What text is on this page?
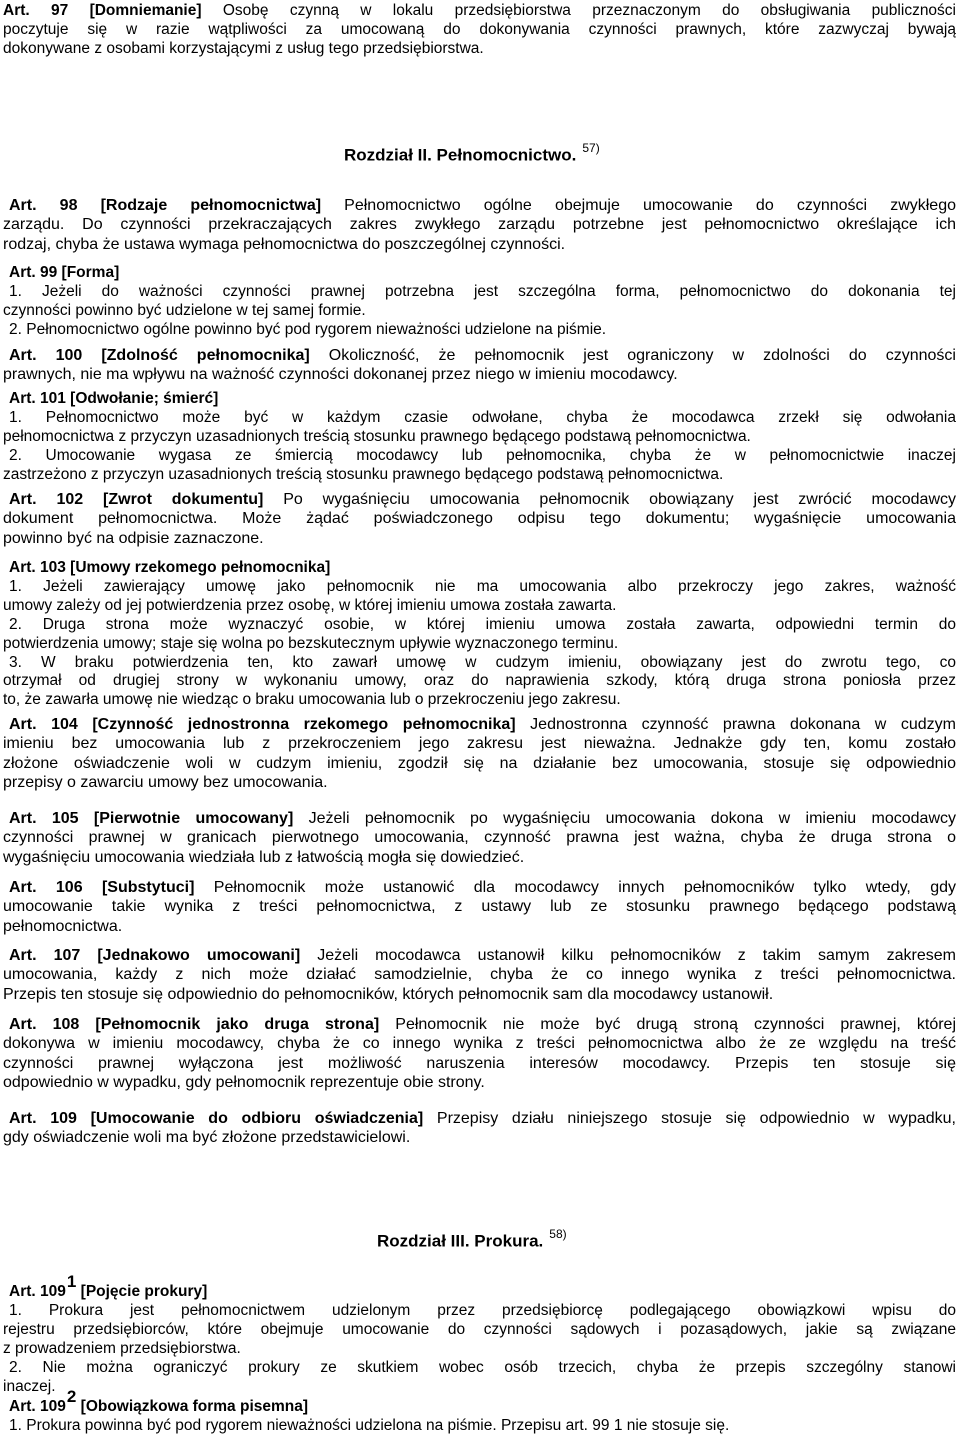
Art. 97 [Domniemanie] Osobę czynną w lokalu przedsiębiorstwa przeznaczonym do obsługiwania publiczności
poczytuje się w razie wątpliwości za umocowaną do dokonywania czynności prawnych, które zazwyczaj bywają
dokonywane z osobami korzystającymi z usług tego przedsiębiorstwa.
Rozdział II. Pełnomocnictwo. $^{57)}$
Art. 98 [Rodzaje pełnomocnictwa] Pełnomocnictwo ogólne obejmuje umocowanie do czynności zwykłego
zarządu. Do czynności przekraczających zakres zwykłego zarządu potrzebne jest pełnomocnictwo określające ich
rodzaj, chyba że ustawa wymaga pełnomocnictwa do poszczególnej czynności.
Art. 99 [Forma]
1. Jeżeli do ważności czynności prawnej potrzebna jest szczególna forma, pełnomocnictwo do dokonania tej
czynności powinno być udzielone w tej samej formie.
2. Pełnomocnictwo ogólne powinno być pod rygorem nieważności udzielone na piśmie.
Art. 100 [Zdolność pełnomocnika] Okoliczność, że pełnomocnik jest ograniczony w zdolności do czynności
prawnych, nie ma wpływu na ważność czynności dokonanej przez niego w imieniu mocodawcy.
Art. 101 [Odwołanie; śmierć]
1. Pełnomocnictwo może być w każdym czasie odwołane, chyba że mocodawca zrzekł się odwołania
pełnomocnictwa z przyczyn uzasadnionych treścią stosunku prawnego będącego podstawą pełnomocnictwa.
2. Umocowanie wygasa ze śmiercią mocodawcy lub pełnomocnika, chyba że w pełnomocnictwie inaczej
zastrzeżono z przyczyn uzasadnionych treścią stosunku prawnego będącego podstawą pełnomocnictwa.
Art. 102 [Zwrot dokumentu] Po wygaśnięciu umocowania pełnomocnik obowiązany jest zwrócić mocodawcy
dokument pełnomocnictwa. Może żądać poświadczonego odpisu tego dokumentu; wygaśnięcie umocowania
powinno być na odpisie zaznaczone.
Art. 103 [Umowy rzekomego pełnomocnika]
1. Jeżeli zawierający umowę jako pełnomocnik nie ma umocowania albo przekroczy jego zakres, ważność
umowy zależy od jej potwierdzenia przez osobę, w której imieniu umowa została zawarta.
2. Druga strona może wyznaczyć osobie, w której imieniu umowa została zawarta, odpowiedni termin do
potwierdzenia umowy; staje się wolna po bezskutecznym upływie wyznaczonego terminu.
3. W braku potwierdzenia ten, kto zawarł umowę w cudzym imieniu, obowiązany jest do zwrotu tego, co
otrzymał od drugiej strony w wykonaniu umowy, oraz do naprawienia szkody, którą druga strona poniosła przez
to, że zawarła umowę nie wiedząc o braku umocowania lub o przekroczeniu jego zakresu.
Art. 104 [Czynność jednostronna rzekomego pełnomocnika] Jednostronna czynność prawna dokonana w cudzym
imieniu bez umocowania lub z przekroczeniem jego zakresu jest nieważna. Jednakże gdy ten, komu zostało
złożone oświadczenie woli w cudzym imieniu, zgodził się na działanie bez umocowania, stosuje się odpowiednio
przepisy o zawarciu umowy bez umocowania.
Art. 105 [Pierwotnie umocowany] Jeżeli pełnomocnik po wygaśnięciu umocowania dokona w imieniu mocodawcy
czynności prawnej w granicach pierwotnego umocowania, czynność prawna jest ważna, chyba że druga strona o
wygaśnięciu umocowania wiedziała lub z łatwością mogła się dowiedzieć.
Art. 106 [Substytuci] Pełnomocnik może ustanowić dla mocodawcy innych pełnomocników tylko wtedy, gdy
umocowanie takie wynika z treści pełnomocnictwa, z ustawy lub ze stosunku prawnego będącego podstawą
pełnomocnictwa.
Art. 107 [Jednakowo umocowani] Jeżeli mocodawca ustanowił kilku pełnomocników z takim samym zakresem
umocowania, każdy z nich może działać samodzielnie, chyba że co innego wynika z treści pełnomocnictwa.
Przepis ten stosuje się odpowiednio do pełnomocników, których pełnomocnik sam dla mocodawcy ustanowił.
Art. 108 [Pełnomocnik jako druga strona] Pełnomocnik nie może być drugą stroną czynności prawnej, której
dokonywa w imieniu mocodawcy, chyba że co innego wynika z treści pełnomocnictwa albo że ze względu na treść
czynności prawnej wyłączona jest możliwość naruszenia interesów mocodawcy. Przepis ten stosuje się
odpowiednio w wypadku, gdy pełnomocnik reprezentuje obie strony.
Art. 109 [Umocowanie do odbioru oświadczenia] Przepisy działu niniejszego stosuje się odpowiednio w wypadku,
gdy oświadczenie woli ma być złożone przedstawicielowi.
Rozdział III. Prokura. $^{58)}$
Art. 1091 [Pojęcie prokury]
1. Prokura jest pełnomocnictwem udzielonym przez przedsiębiorcę podlegającego obowiązkowi wpisu do
rejestru przedsiębiorców, które obejmuje umocowanie do czynności sądowych i pozasądowych, jakie są związane
z prowadzeniem przedsiębiorstwa.
2. Nie można ograniczyć prokury ze skutkiem wobec osób trzecich, chyba że przepis szczególny stanowi
inaczej.
Art. 1092 [Obowiązkowa forma pisemna]
1. Prokura powinna być pod rygorem nieważności udzielona na piśmie. Przepisu art. 99 1 nie stosuje się.
